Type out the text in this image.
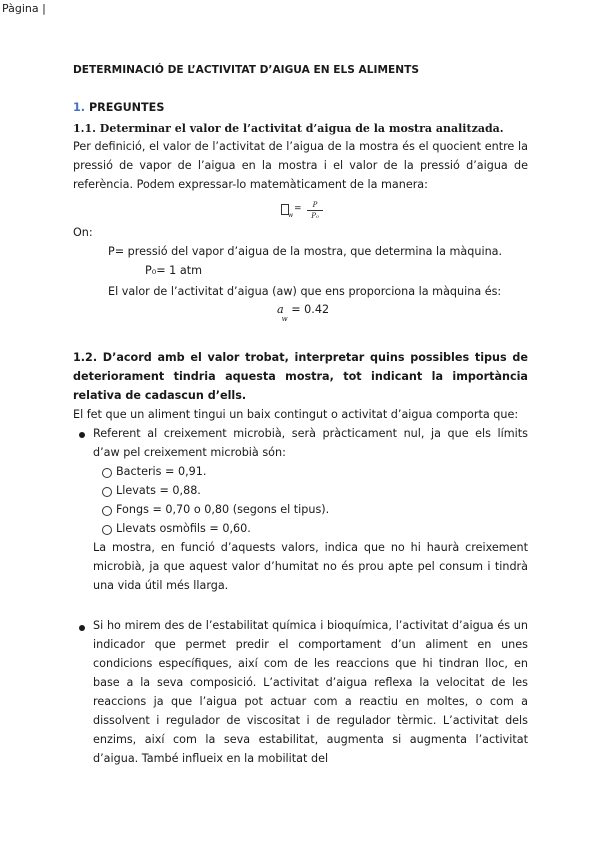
Pàgina |
DETERMINACIÓ DE L’ACTIVITAT D’AIGUA EN ELS ALIMENTS
1. PREGUNTES
1.1. Determinar el valor de l’activitat d’aigua de la mostra analitzada.
Per definició, el valor de l’activitat de l’aigua de la mostra és el quocient entre la pressió de vapor de l’aigua en la mostra i el valor de la pressió d’aigua de referència. Podem expressar-lo matemàticament de la manera:
w
=	P
P₀
On:
P= pressió del vapor d’aigua de la mostra, que determina la màquina.
P₀= 1 atm
El valor de l’activitat d’aigua (aw) que ens proporciona la màquina és:
$a_w = 0.42$
1.2. D’acord amb el valor trobat, interpretar quins possibles tipus de deteriorament tindria aquesta mostra, tot indicant la importància relativa de cadascun d’ells.
El fet que un aliment tingui un baix contingut o activitat d’aigua comporta que:
Referent al creixement microbià, serà pràcticament nul, ja que els límits d’aw pel creixement microbià són:
Bacteris = 0,91.
Llevats = 0,88.
Fongs = 0,70 o 0,80 (segons el tipus).
Llevats osmòfils = 0,60.
La mostra, en funció d’aquests valors, indica que no hi haurà creixement microbià, ja que aquest valor d’humitat no és prou apte pel consum i tindrà una vida útil més llarga.
Si ho mirem des de l’estabilitat química i bioquímica, l’activitat d’aigua és un indicador que permet predir el comportament d’un aliment en unes condicions específiques, així com de les reaccions que hi tindran lloc, en base a la seva composició. L’activitat d’aigua reflexa la velocitat de les reaccions ja que l’aigua pot actuar com a reactiu en moltes, o com a dissolvent i regulador de viscositat i de regulador tèrmic. L’activitat dels enzims, així com la seva estabilitat, augmenta si augmenta l’activitat d’aigua. També influeix en la mobilitat del
